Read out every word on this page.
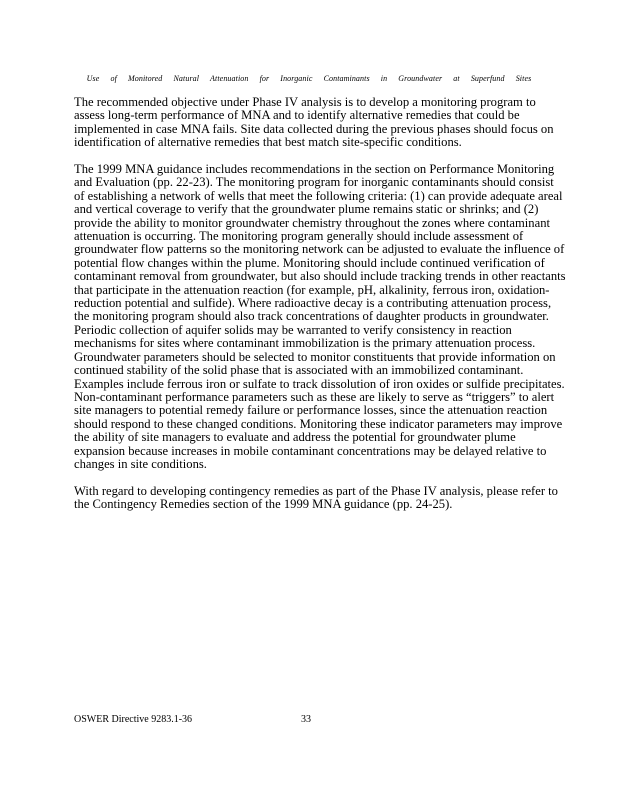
Use of Monitored Natural Attenuation for Inorganic Contaminants in Groundwater at Superfund Sites

The recommended objective under Phase IV analysis is to develop a monitoring program to assess long-term performance of MNA and to identify alternative remedies that could be implemented in case MNA fails. Site data collected during the previous phases should focus on identification of alternative remedies that best match site-specific conditions.

The 1999 MNA guidance includes recommendations in the section on Performance Monitoring and Evaluation (pp. 22-23). The monitoring program for inorganic contaminants should consist of establishing a network of wells that meet the following criteria: (1) can provide adequate areal and vertical coverage to verify that the groundwater plume remains static or shrinks; and (2) provide the ability to monitor groundwater chemistry throughout the zones where contaminant attenuation is occurring. The monitoring program generally should include assessment of groundwater flow patterns so the monitoring network can be adjusted to evaluate the influence of potential flow changes within the plume. Monitoring should include continued verification of contaminant removal from groundwater, but also should include tracking trends in other reactants that participate in the attenuation reaction (for example, pH, alkalinity, ferrous iron, oxidation-reduction potential and sulfide). Where radioactive decay is a contributing attenuation process, the monitoring program should also track concentrations of daughter products in groundwater. Periodic collection of aquifer solids may be warranted to verify consistency in reaction mechanisms for sites where contaminant immobilization is the primary attenuation process. Groundwater parameters should be selected to monitor constituents that provide information on continued stability of the solid phase that is associated with an immobilized contaminant. Examples include ferrous iron or sulfate to track dissolution of iron oxides or sulfide precipitates. Non-contaminant performance parameters such as these are likely to serve as “triggers” to alert site managers to potential remedy failure or performance losses, since the attenuation reaction should respond to these changed conditions. Monitoring these indicator parameters may improve the ability of site managers to evaluate and address the potential for groundwater plume expansion because increases in mobile contaminant concentrations may be delayed relative to changes in site conditions.

With regard to developing contingency remedies as part of the Phase IV analysis, please refer to the Contingency Remedies section of the 1999 MNA guidance (pp. 24-25).

OSWER Directive 9283.1-36	33
